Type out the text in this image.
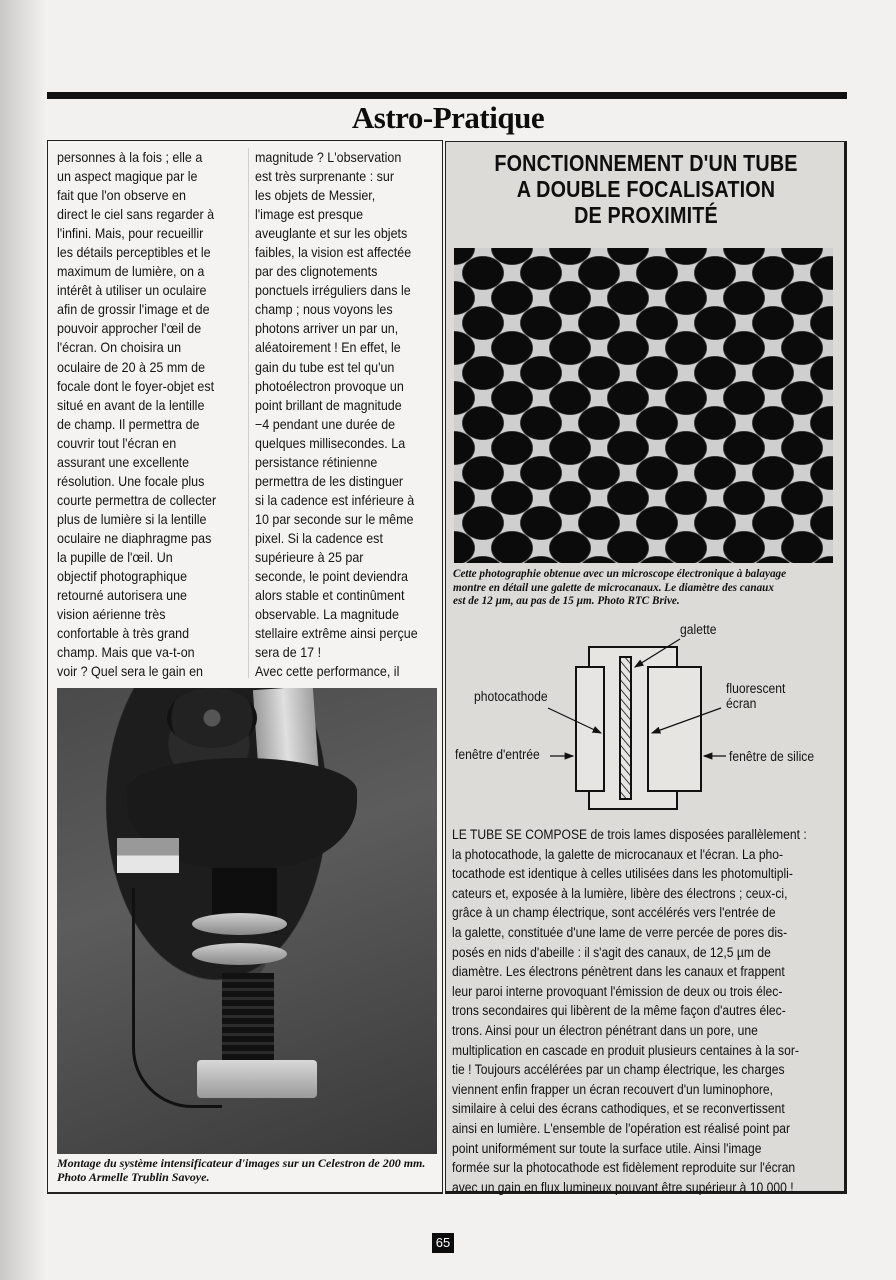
Astro-Pratique
personnes à la fois ; elle a
un aspect magique par le
fait que l'on observe en
direct le ciel sans regarder à
l'infini. Mais, pour recueillir
les détails perceptibles et le
maximum de lumière, on a
intérêt à utiliser un oculaire
afin de grossir l'image et de
pouvoir approcher l'œil de
l'écran. On choisira un
oculaire de 20 à 25 mm de
focale dont le foyer-objet est
situé en avant de la lentille
de champ. Il permettra de
couvrir tout l'écran en
assurant une excellente
résolution. Une focale plus
courte permettra de collecter
plus de lumière si la lentille
oculaire ne diaphragme pas
la pupille de l'œil. Un
objectif photographique
retourné autorisera une
vision aérienne très
confortable à très grand
champ. Mais que va-t-on
voir ? Quel sera le gain en
magnitude ? L'observation
est très surprenante : sur
les objets de Messier,
l'image est presque
aveuglante et sur les objets
faibles, la vision est affectée
par des clignotements
ponctuels irréguliers dans le
champ ; nous voyons les
photons arriver un par un,
aléatoirement ! En effet, le
gain du tube est tel qu'un
photoélectron provoque un
point brillant de magnitude
−4 pendant une durée de
quelques millisecondes. La
persistance rétinienne
permettra de les distinguer
si la cadence est inférieure à
10 par seconde sur le même
pixel. Si la cadence est
supérieure à 25 par
seconde, le point deviendra
alors stable et continûment
observable. La magnitude
stellaire extrême ainsi perçue
sera de 17 !
Avec cette performance, il
Montage du système intensificateur d'images sur un Celestron de 200 mm. Photo Armelle Trublin Savoye.
FONCTIONNEMENT D'UN TUBE
A DOUBLE FOCALISATION
DE PROXIMITÉ
Cette photographie obtenue avec un microscope électronique à balayage
montre en détail une galette de microcanaux. Le diamètre des canaux
est de 12 µm, au pas de 15 µm. Photo RTC Brive.
galette
photocathode
fluorescent
écran
fenêtre d'entrée	fenêtre de silice
LE TUBE SE COMPOSE de trois lames disposées parallèlement :
la photocathode, la galette de microcanaux et l'écran. La pho-
tocathode est identique à celles utilisées dans les photomultipli-
cateurs et, exposée à la lumière, libère des électrons ; ceux-ci,
grâce à un champ électrique, sont accélérés vers l'entrée de
la galette, constituée d'une lame de verre percée de pores dis-
posés en nids d'abeille : il s'agit des canaux, de 12,5 µm de
diamètre. Les électrons pénètrent dans les canaux et frappent
leur paroi interne provoquant l'émission de deux ou trois élec-
trons secondaires qui libèrent de la même façon d'autres élec-
trons. Ainsi pour un électron pénétrant dans un pore, une
multiplication en cascade en produit plusieurs centaines à la sor-
tie ! Toujours accélérées par un champ électrique, les charges
viennent enfin frapper un écran recouvert d'un luminophore,
similaire à celui des écrans cathodiques, et se reconvertissent
ainsi en lumière. L'ensemble de l'opération est réalisé point par
point uniformément sur toute la surface utile. Ainsi l'image
formée sur la photocathode est fidèlement reproduite sur l'écran
avec un gain en flux lumineux pouvant être supérieur à 10 000 !
65
